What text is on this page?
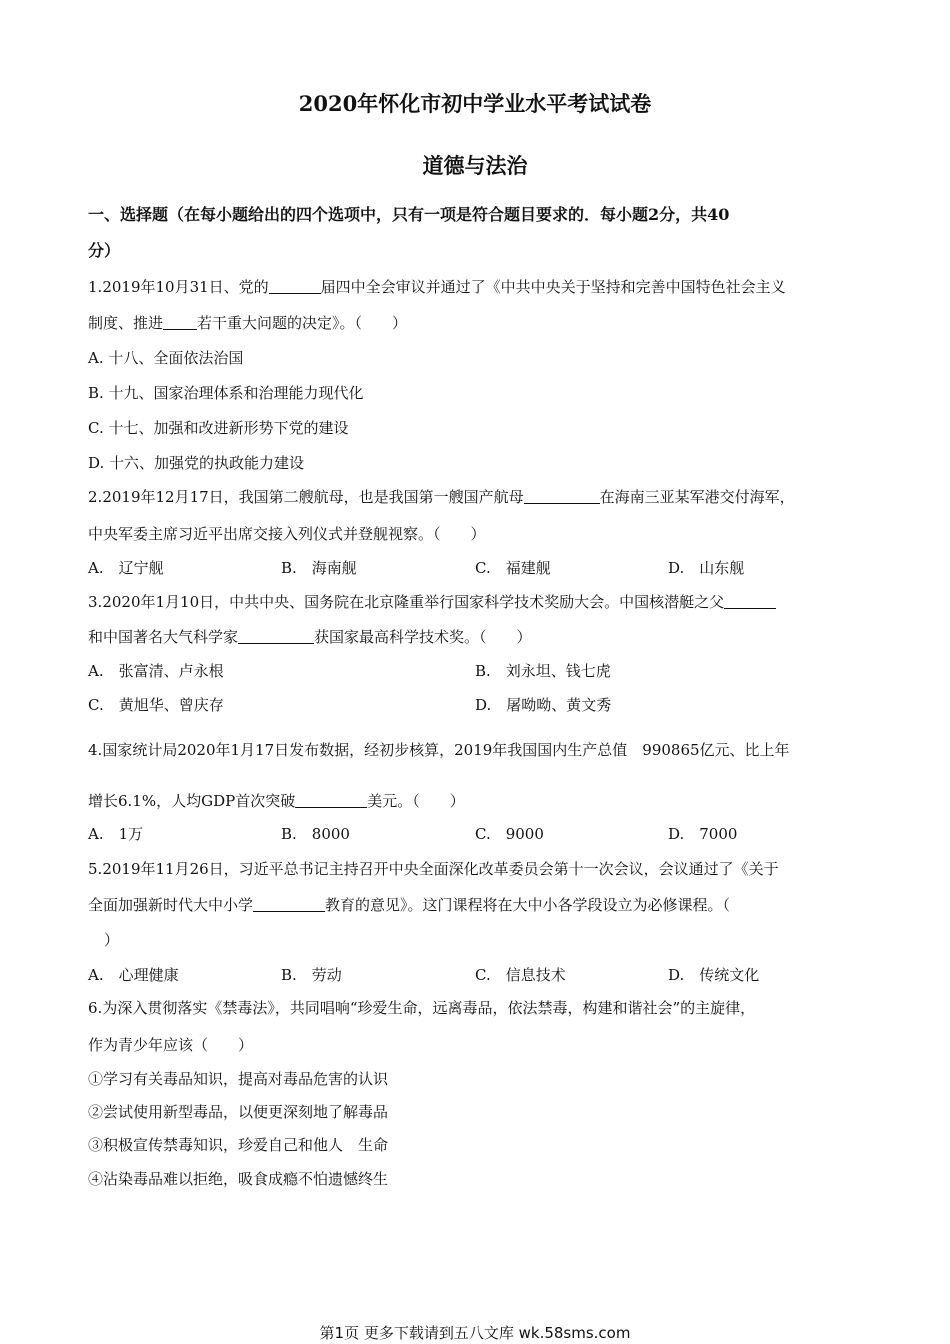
2020年怀化市初中学业水平考试试卷
道德与法治
一、选择题（在每小题给出的四个选项中，只有一项是符合题目要求的．每小题2分，共40
分）
1.2019年10月31日、党的	届四中全会审议并通过了《中共中央关于坚持和完善中国特色社会主义
制度、推进 若干重大问题的决定》。（　　）
A. 十八、全面依法治国
B. 十九、国家治理体系和治理能力现代化
C. 十七、加强和改进新形势下党的建设
D. 十六、加强党的执政能力建设
2.2019年12月17日，我国第二艘航母，也是我国第一艘国产航母	在海南三亚某军港交付海军，
中央军委主席习近平出席交接入列仪式并登舰视察。（　　）
A.　辽宁舰	B.　海南舰	C.　福建舰	D.　山东舰
3.2020年1月10日，中共中央、国务院在北京隆重举行国家科学技术奖励大会。中国核潜艇之父
和中国著名大气科学家	获国家最高科学技术奖。（　　）
A.　张富清、卢永根	B.　刘永坦、钱七虎
C.　黄旭华、曾庆存	D.　屠呦呦、黄文秀
4.国家统计局2020年1月17日发布数据，经初步核算，2019年我国国内生产总值　990865亿元、比上年
增长6.1%，人均GDP首次突破	美元。（　　）
A.　1万	B.　8000	C.　9000	D.　7000
5.2019年11月26日，习近平总书记主持召开中央全面深化改革委员会第十一次会议，会议通过了《关于
全面加强新时代大中小学	教育的意见》。这门课程将在大中小各学段设立为必修课程。（
）
A.　心理健康	B.　劳动	C.　信息技术	D.　传统文化
6.为深入贯彻落实《禁毒法》，共同唱响“珍爱生命，远离毒品，依法禁毒，构建和谐社会”的主旋律，
作为青少年应该（　　）
①学习有关毒品知识，提高对毒品危害的认识
②尝试使用新型毒品，以便更深刻地了解毒品
③积极宣传禁毒知识，珍爱自己和他人　生命
④沾染毒品难以拒绝，吸食成瘾不怕遗憾终生
第1页 更多下载请到五八文库 wk.58sms.com
